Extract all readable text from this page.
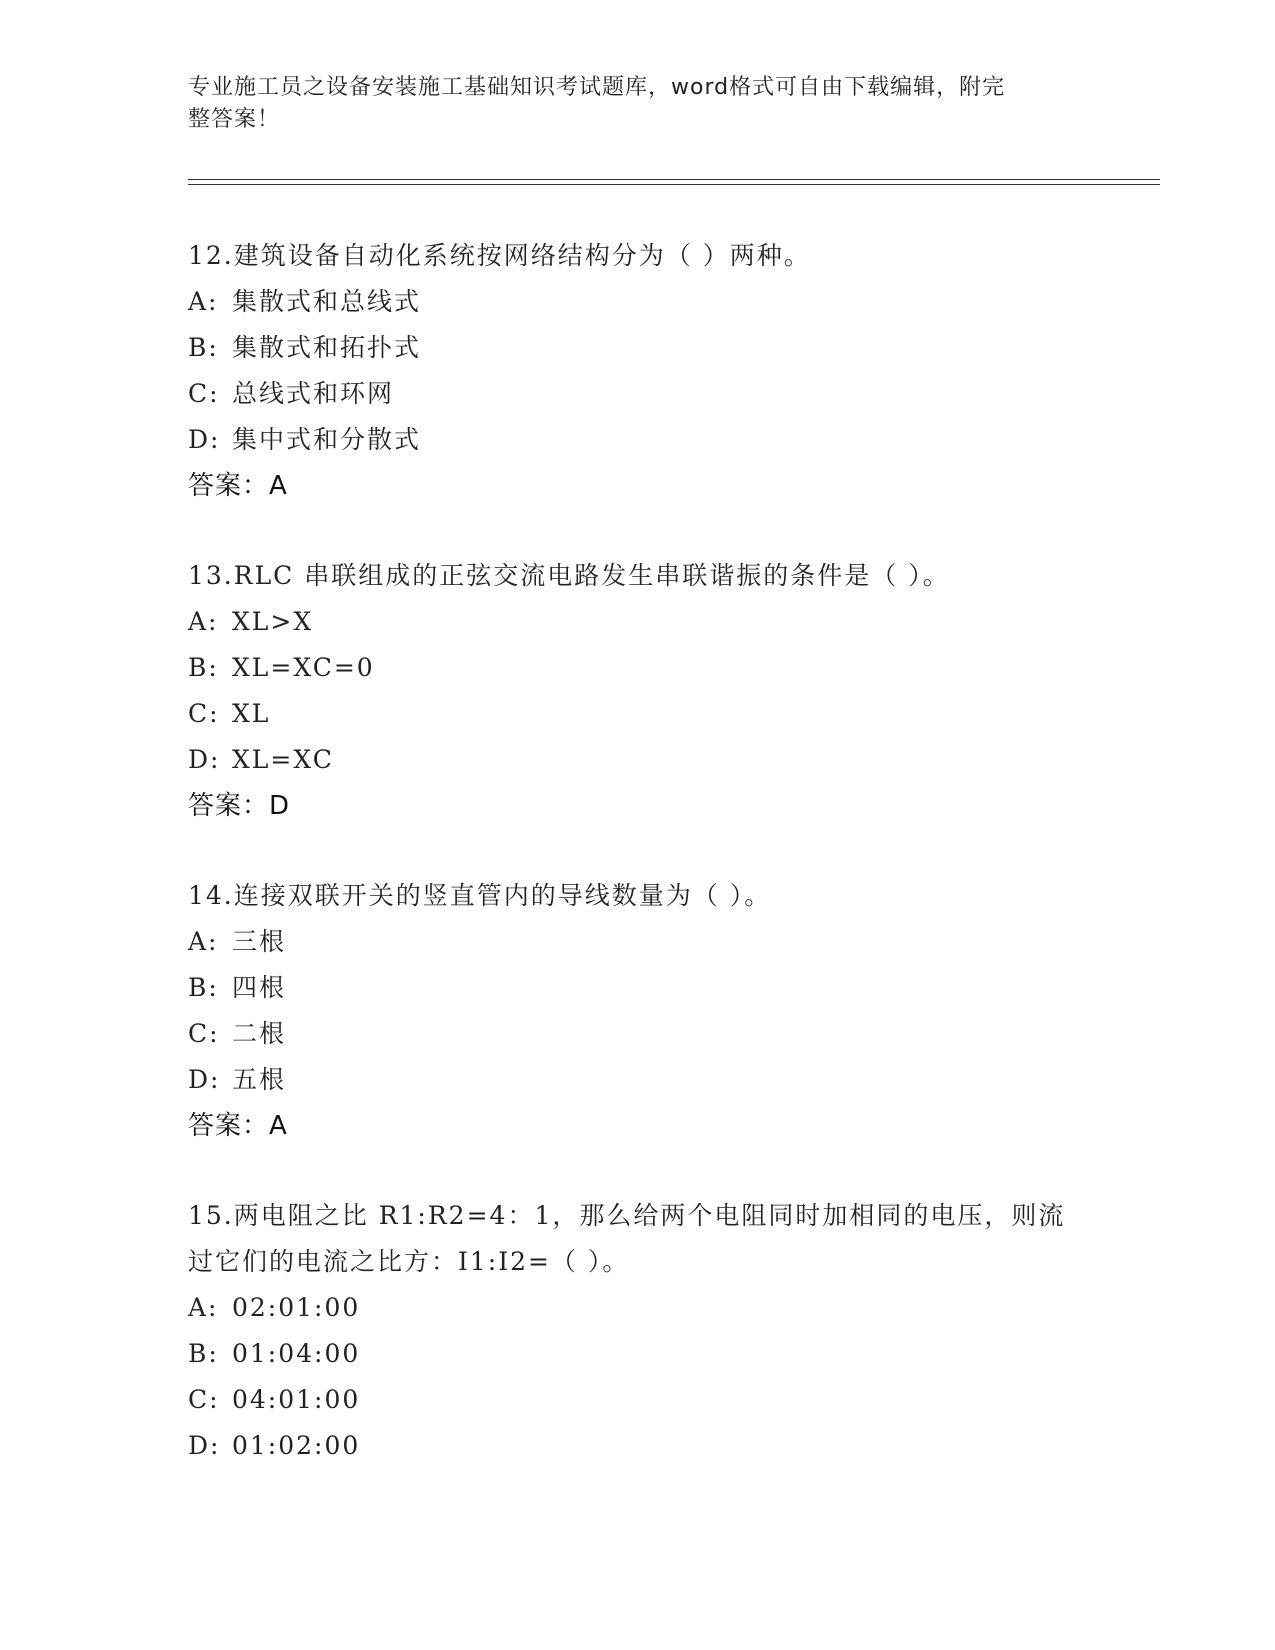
专业施工员之设备安装施工基础知识考试题库，word格式可自由下载编辑，附完
整答案！
12.建筑设备自动化系统按网络结构分为（ ）两种。
A: 集散式和总线式
B: 集散式和拓扑式
C: 总线式和环网
D: 集中式和分散式
答案：A
13.RLC 串联组成的正弦交流电路发生串联谐振的条件是（ ）。
A: XL>X
B: XL=XC=0
C: XL
D: XL=XC
答案：D
14.连接双联开关的竖直管内的导线数量为（ ）。
A: 三根
B: 四根
C: 二根
D: 五根
答案：A
15.两电阻之比 R1:R2=4：1，那么给两个电阻同时加相同的电压，则流
过它们的电流之比方：I1:I2=（ ）。
A: 02:01:00
B: 01:04:00
C: 04:01:00
D: 01:02:00
